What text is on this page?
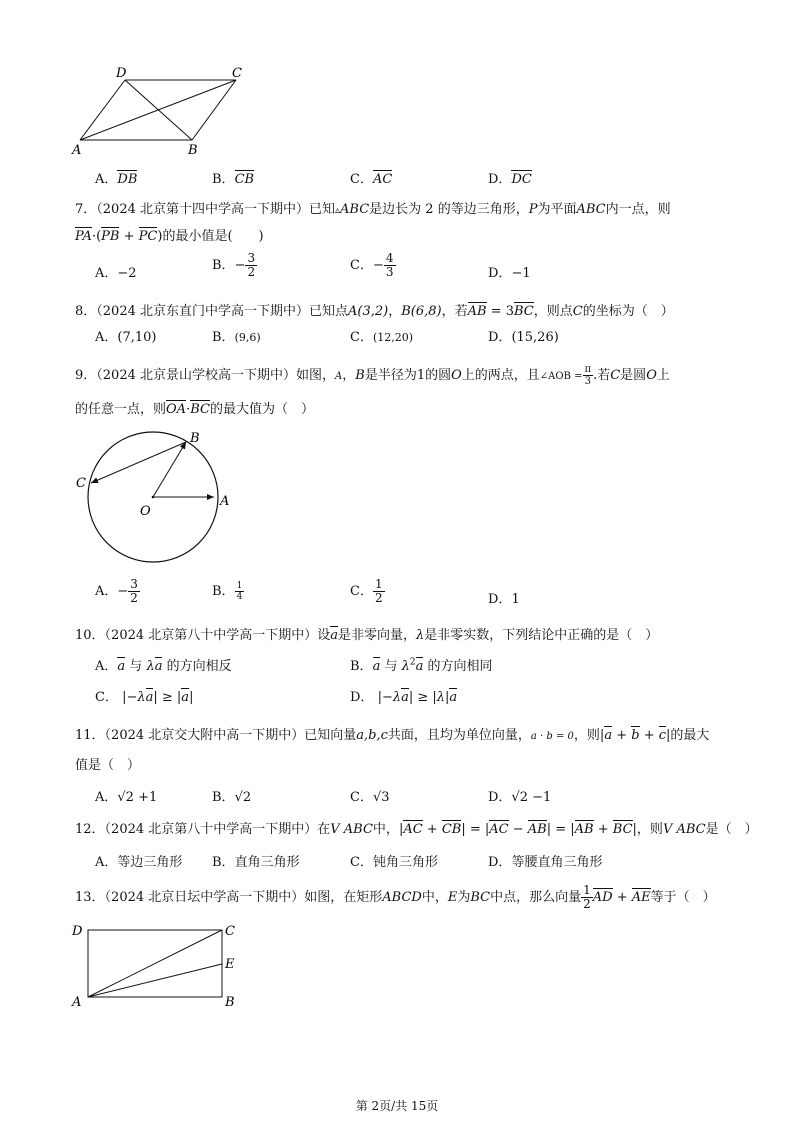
D	C
A	B
A．DB	B．CB	C．AC	D．DC
7．（2024 北京第十四中学高一下期中）已知▵ABC是边长为 2 的等边三角形，P为平面ABC内一点，则
PA·(PB + PC)的最小值是(　　)
A．−2
B．− $\frac{3}{2}$	C．− $\frac{4}{3}$	D．−1
8．（2024 北京东直门中学高一下期中）已知点A(3,2)，B(6,8)，若AB = 3BC，则点C的坐标为（　）
A．(7,10)	B．(9,6)	C．(12,20)	D．(15,26)
9．（2024 北京景山学校高一下期中）如图，A，B是半径为1的圆O上的两点，且∠AOB = $\frac{\pi}{3}$ .若C是圆O上
的任意一点，则OA·BC的最大值为（　）
B
C
O
A
A．− $\frac{3}{2}$	B． $\frac{1}{4}$	C． $\frac{1}{2}$	D．1
10．（2024 北京第八十中学高一下期中）设a是非零向量，λ是非零实数，下列结论中正确的是（　）
A．a 与 λa 的方向相反	B．a 与 $\lambda^2a$ 的方向相同
C． |−λa| ≥ |a|	D． |−λa| ≥ |λ|a
11．（2024 北京交大附中高一下期中）已知向量a,b,c共面，且均为单位向量，a · b = 0，则|a + b + c|的最大
值是（　）
A．√2 +1	B．√2	C．√3	D．√2 −1
12．（2024 北京第八十中学高一下期中）在V ABC中，|AC + CB| = |AC − AB| = |AB + BC|，则V ABC是（　）
A．等边三角形 B．直角三角形	C．钝角三角形	D．等腰直角三角形
13．（2024 北京日坛中学高一下期中）如图，在矩形ABCD中，E为BC中点，那么向量 $\frac{1}{2}$ AD + AE等于（　）
D	C
E
A	B
第 2页/共 15页
